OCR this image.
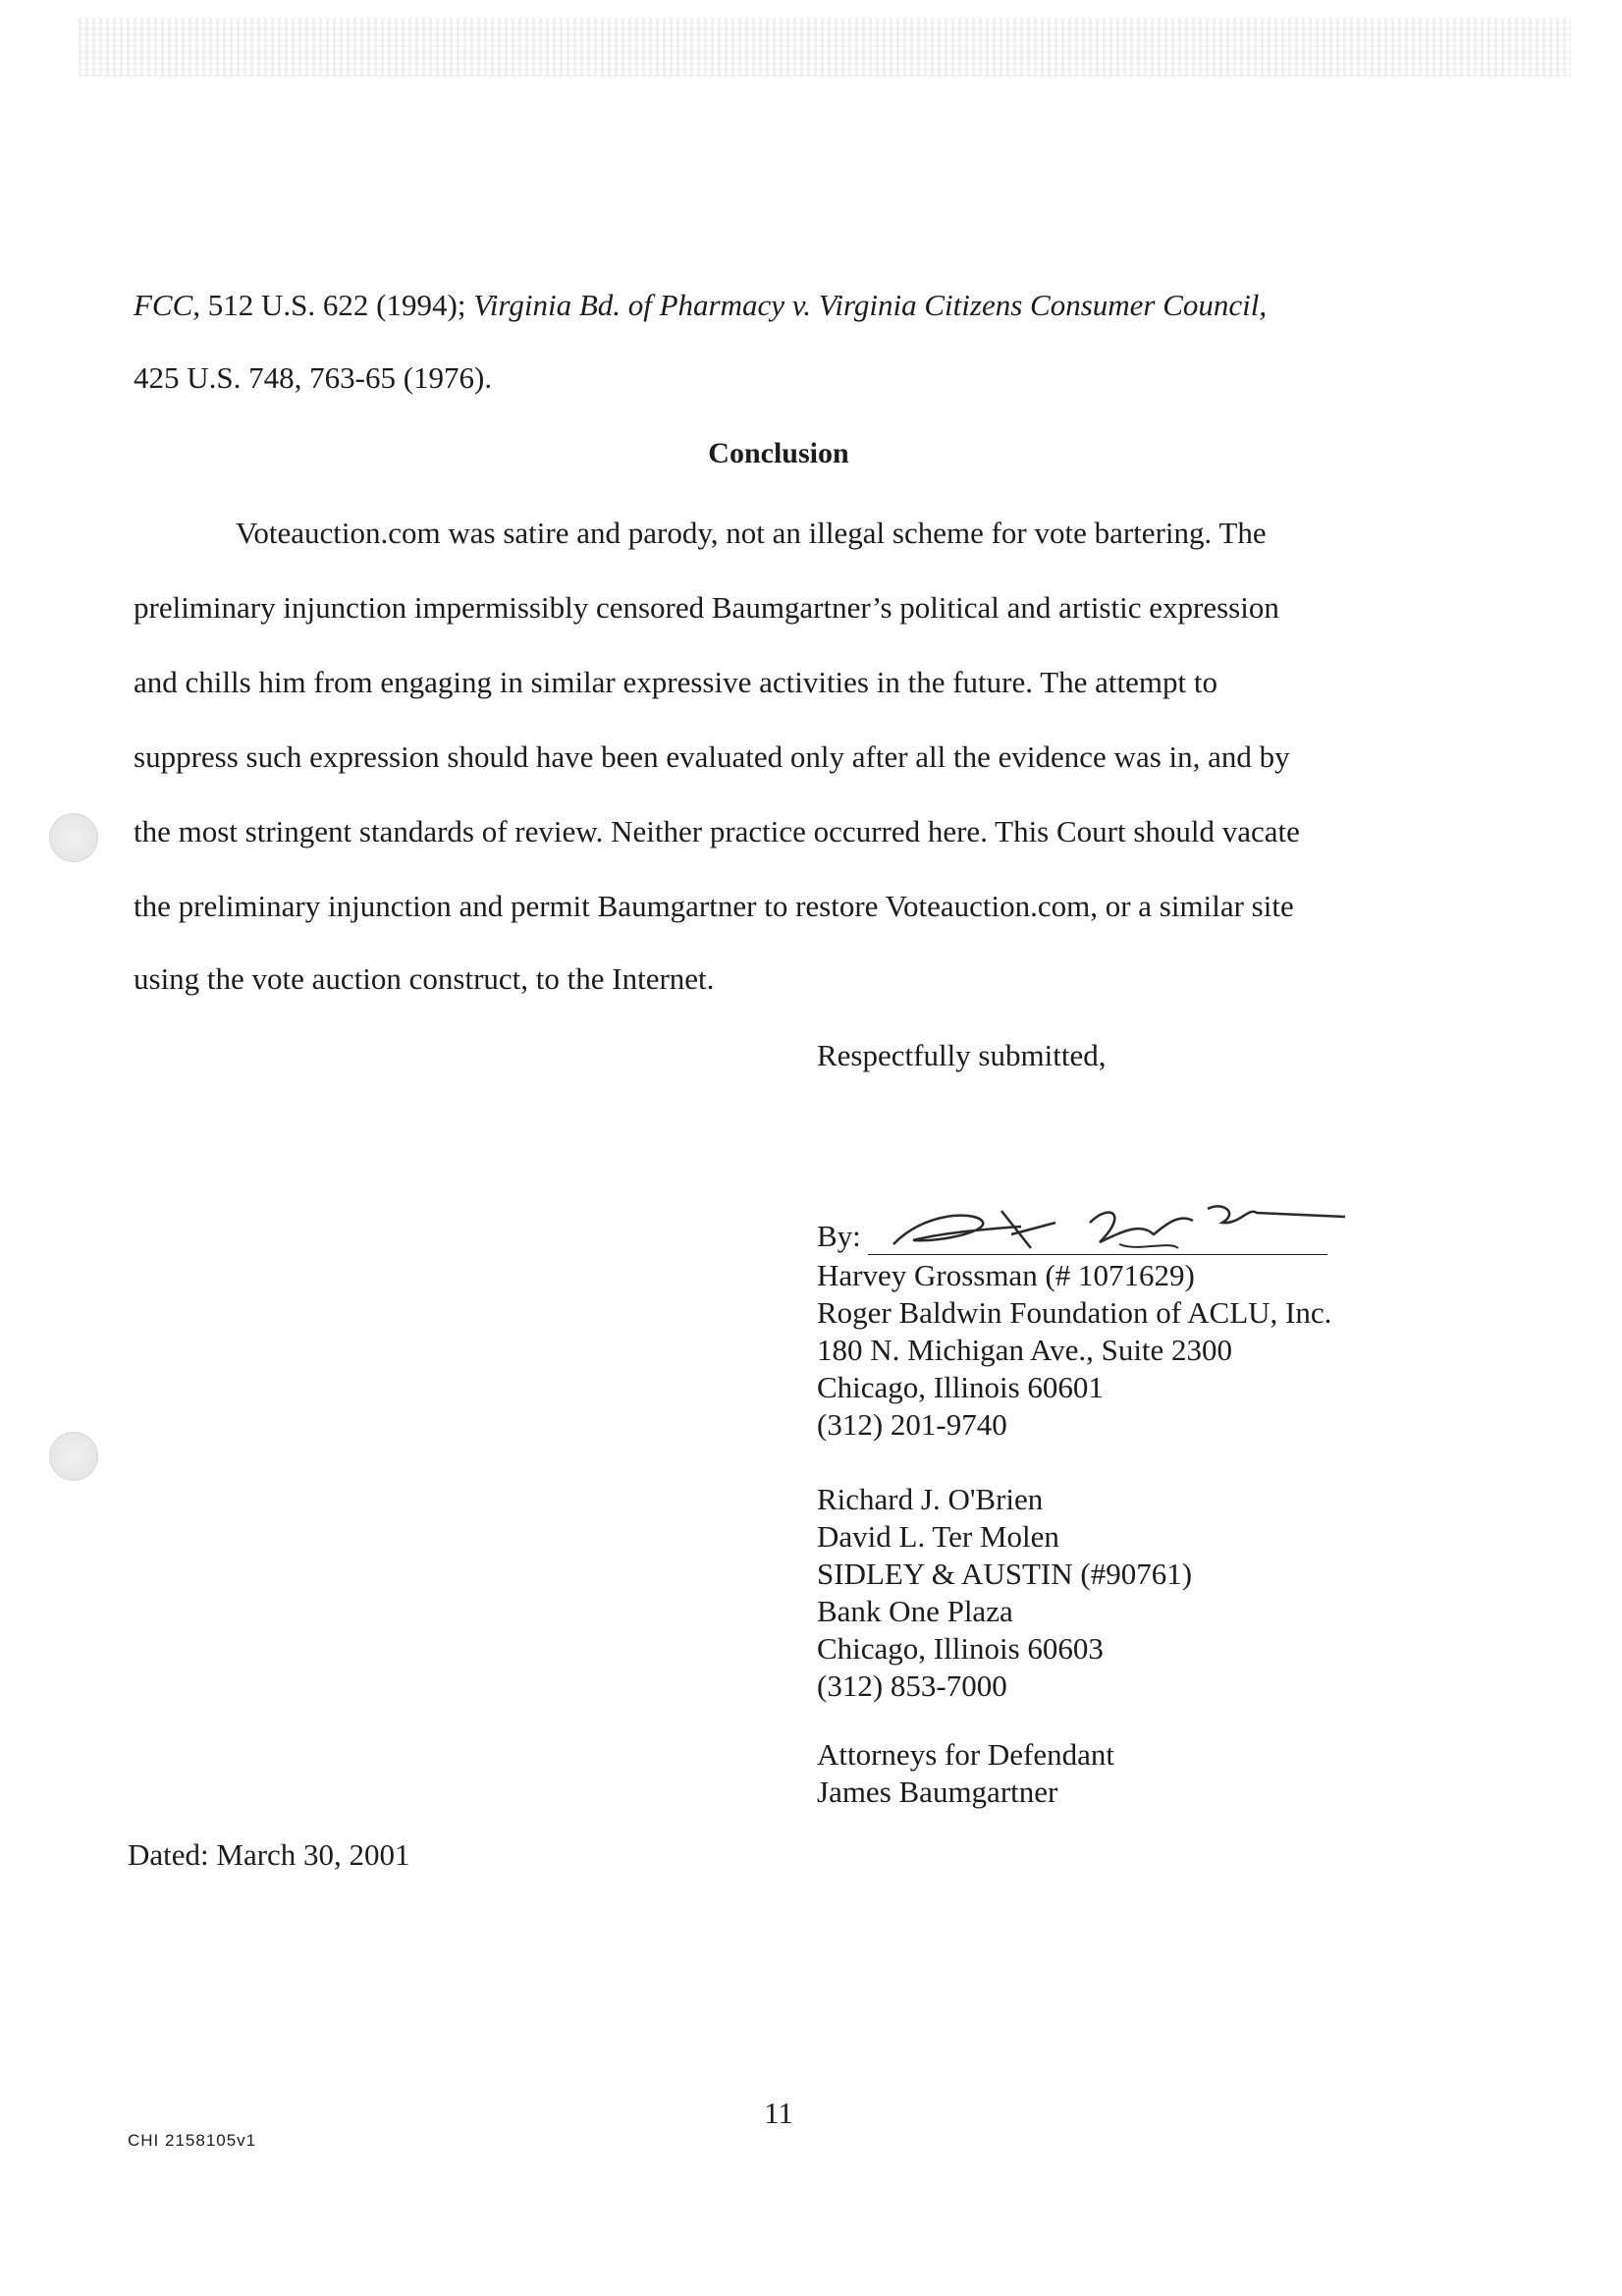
FCC, 512 U.S. 622 (1994); Virginia Bd. of Pharmacy v. Virginia Citizens Consumer Council,
425 U.S. 748, 763-65 (1976).
Conclusion
Voteauction.com was satire and parody, not an illegal scheme for vote bartering. The
preliminary injunction impermissibly censored Baumgartner’s political and artistic expression
and chills him from engaging in similar expressive activities in the future. The attempt to
suppress such expression should have been evaluated only after all the evidence was in, and by
the most stringent standards of review. Neither practice occurred here. This Court should vacate
the preliminary injunction and permit Baumgartner to restore Voteauction.com, or a similar site
using the vote auction construct, to the Internet.
Respectfully submitted,
By:
Harvey Grossman (# 1071629)
Roger Baldwin Foundation of ACLU, Inc.
180 N. Michigan Ave., Suite 2300
Chicago, Illinois 60601
(312) 201-9740
Richard J. O'Brien
David L. Ter Molen
SIDLEY & AUSTIN (#90761)
Bank One Plaza
Chicago, Illinois 60603
(312) 853-7000
Attorneys for Defendant
James Baumgartner
Dated: March 30, 2001
11
CHI 2158105v1
